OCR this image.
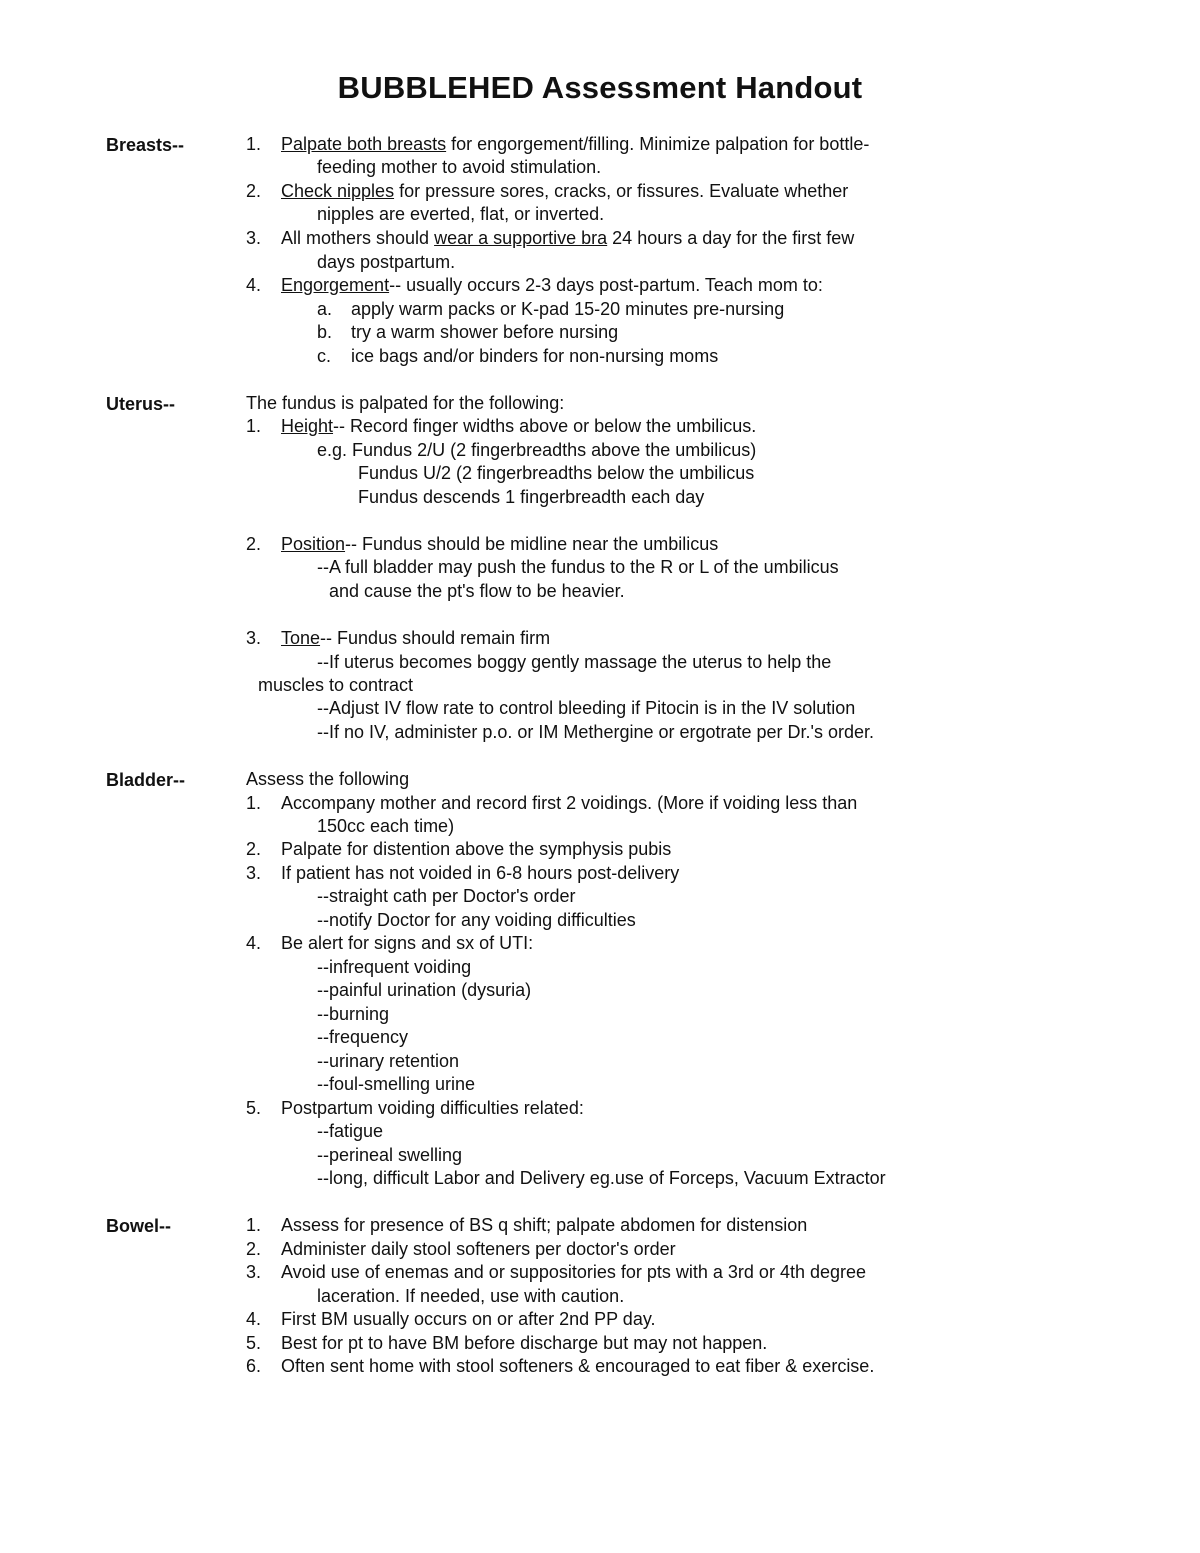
BUBBLEHED Assessment Handout
Breasts--	1. Palpate both breasts for engorgement/filling. Minimize palpation for bottle-
feeding mother to avoid stimulation.
2. Check nipples for pressure sores, cracks, or fissures. Evaluate whether
nipples are everted, flat, or inverted.
3. All mothers should wear a supportive bra 24 hours a day for the first few
days postpartum.
4. Engorgement-- usually occurs 2-3 days post-partum. Teach mom to:
a. apply warm packs or K-pad 15-20 minutes pre-nursing
b. try a warm shower before nursing
c. ice bags and/or binders for non-nursing moms
Uterus--	The fundus is palpated for the following:
1. Height-- Record finger widths above or below the umbilicus.
e.g. Fundus 2/U (2 fingerbreadths above the umbilicus)
Fundus U/2 (2 fingerbreadths below the umbilicus
Fundus descends 1 fingerbreadth each day
2. Position-- Fundus should be midline near the umbilicus
--A full bladder may push the fundus to the R or L of the umbilicus
and cause the pt's flow to be heavier.
3. Tone-- Fundus should remain firm
--If uterus becomes boggy gently massage the uterus to help the
muscles to contract
--Adjust IV flow rate to control bleeding if Pitocin is in the IV solution
--If no IV, administer p.o. or IM Methergine or ergotrate per Dr.'s order.
Bladder--	Assess the following
1. Accompany mother and record first 2 voidings. (More if voiding less than
150cc each time)
2. Palpate for distention above the symphysis pubis
3. If patient has not voided in 6-8 hours post-delivery
--straight cath per Doctor's order
--notify Doctor for any voiding difficulties
4. Be alert for signs and sx of UTI:
--infrequent voiding
--painful urination (dysuria)
--burning
--frequency
--urinary retention
--foul-smelling urine
5. Postpartum voiding difficulties related:
--fatigue
--perineal swelling
--long, difficult Labor and Delivery eg.use of Forceps, Vacuum Extractor
Bowel--	1. Assess for presence of BS q shift; palpate abdomen for distension
2. Administer daily stool softeners per doctor's order
3. Avoid use of enemas and or suppositories for pts with a 3rd or 4th degree
laceration. If needed, use with caution.
4. First BM usually occurs on or after 2nd PP day.
5. Best for pt to have BM before discharge but may not happen.
6. Often sent home with stool softeners & encouraged to eat fiber & exercise.
